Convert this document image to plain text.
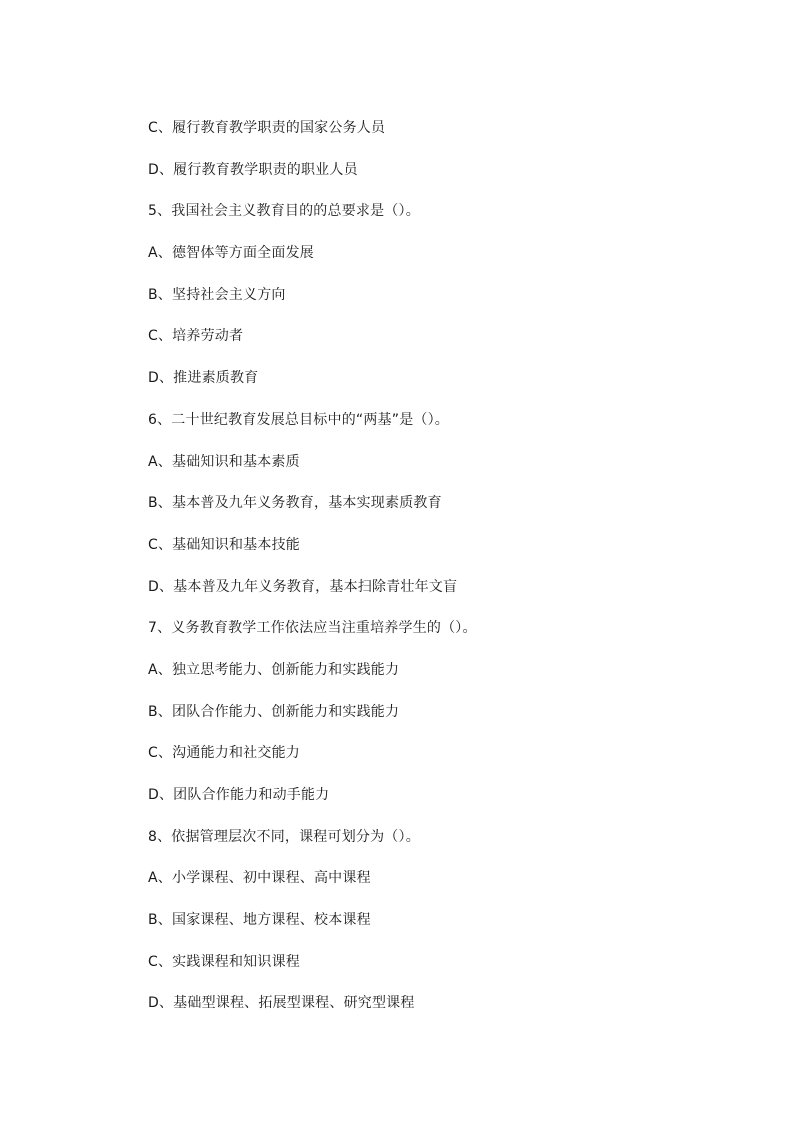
C、履行教育教学职责的国家公务人员
D、履行教育教学职责的职业人员
5、我国社会主义教育目的的总要求是（）。
A、德智体等方面全面发展
B、坚持社会主义方向
C、培养劳动者
D、推进素质教育
6、二十世纪教育发展总目标中的“两基”是（）。
A、基础知识和基本素质
B、基本普及九年义务教育，基本实现素质教育
C、基础知识和基本技能
D、基本普及九年义务教育，基本扫除青壮年文盲
7、义务教育教学工作依法应当注重培养学生的（）。
A、独立思考能力、创新能力和实践能力
B、团队合作能力、创新能力和实践能力
C、沟通能力和社交能力
D、团队合作能力和动手能力
8、依据管理层次不同，课程可划分为（）。
A、小学课程、初中课程、高中课程
B、国家课程、地方课程、校本课程
C、实践课程和知识课程
D、基础型课程、拓展型课程、研究型课程
